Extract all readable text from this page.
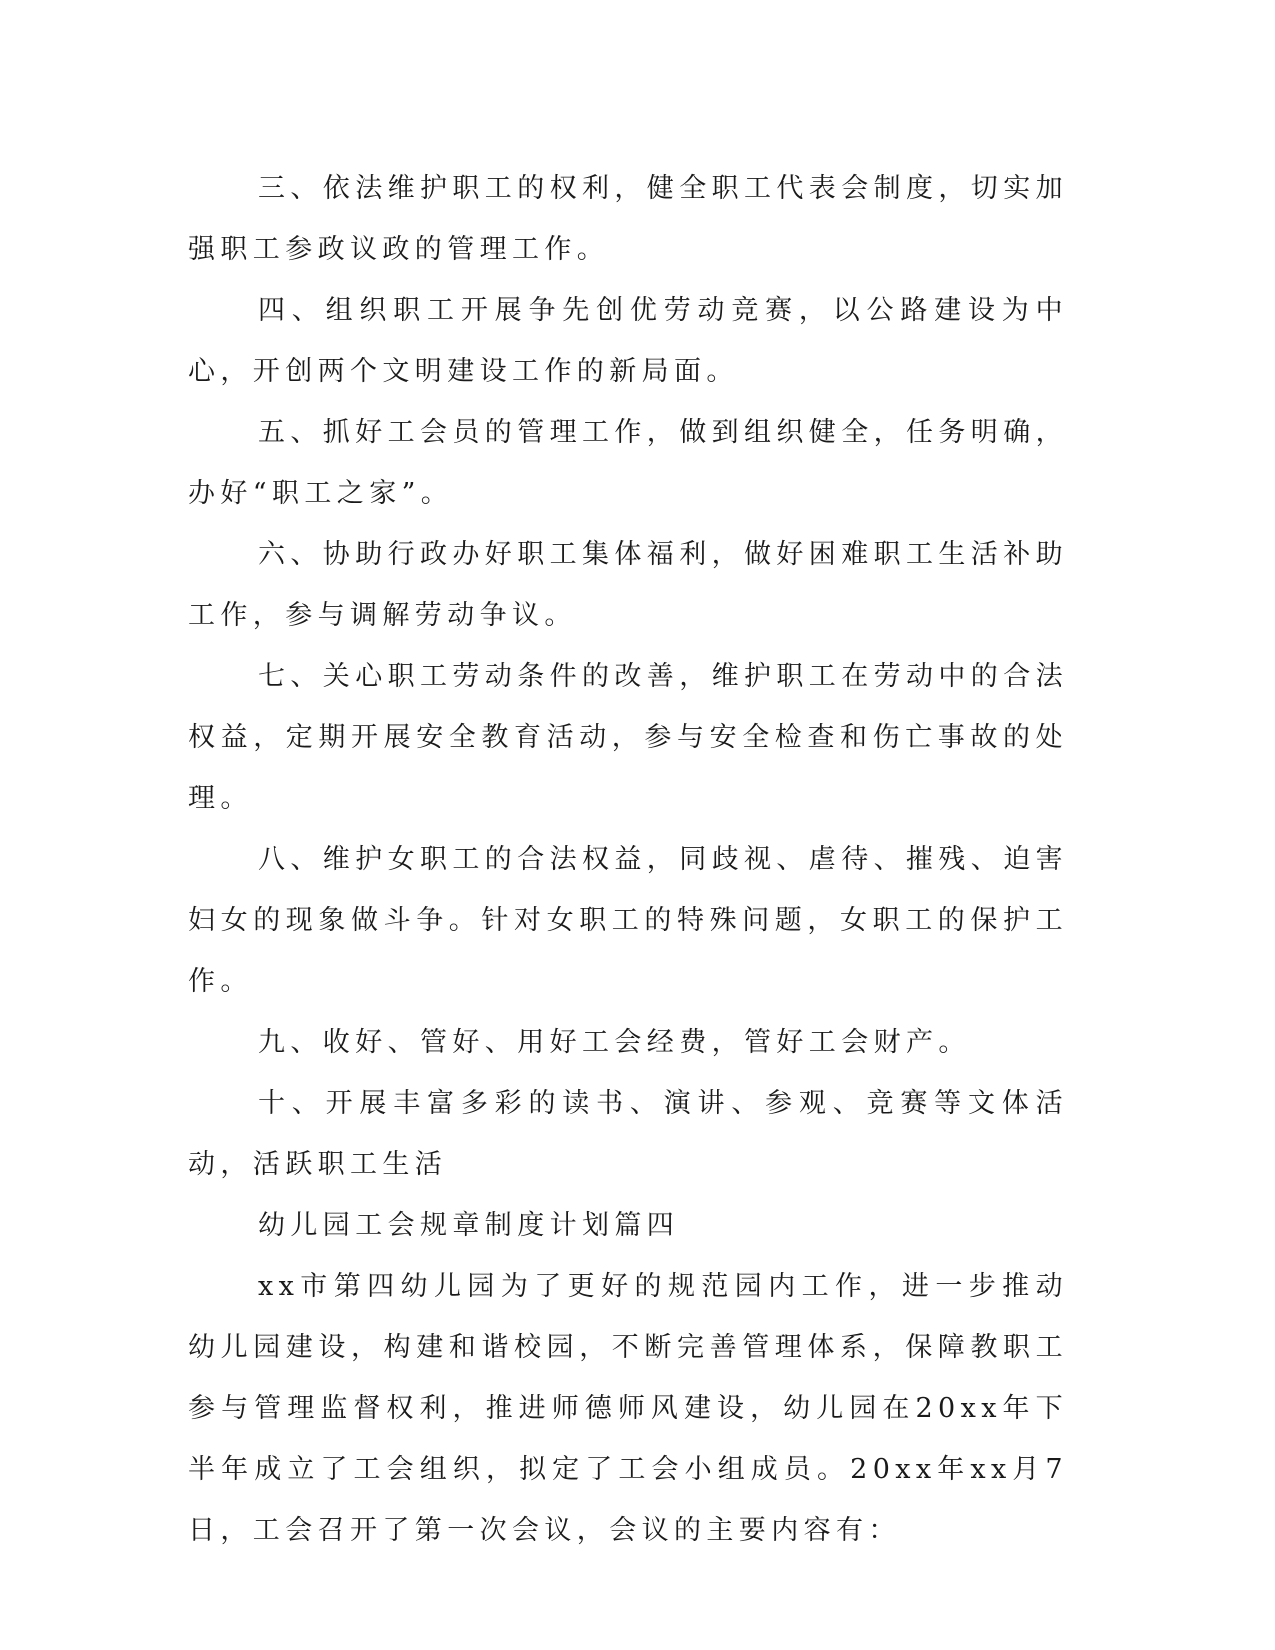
三、依法维护职工的权利，健全职工代表会制度，切实加强职工参政议政的管理工作。

四、组织职工开展争先创优劳动竞赛，以公路建设为中心，开创两个文明建设工作的新局面。

五、抓好工会员的管理工作，做到组织健全，任务明确，办好“职工之家”。

六、协助行政办好职工集体福利，做好困难职工生活补助工作，参与调解劳动争议。

七、关心职工劳动条件的改善，维护职工在劳动中的合法权益，定期开展安全教育活动，参与安全检查和伤亡事故的处理。

八、维护女职工的合法权益，同歧视、虐待、摧残、迫害妇女的现象做斗争。针对女职工的特殊问题，女职工的保护工作。

九、收好、管好、用好工会经费，管好工会财产。

十、开展丰富多彩的读书、演讲、参观、竞赛等文体活动，活跃职工生活

幼儿园工会规章制度计划篇四

xx市第四幼儿园为了更好的规范园内工作，进一步推动幼儿园建设，构建和谐校园，不断完善管理体系，保障教职工参与管理监督权利，推进师德师风建设，幼儿园在20xx年下半年成立了工会组织，拟定了工会小组成员。20xx年xx月7日，工会召开了第一次会议，会议的主要内容有：
